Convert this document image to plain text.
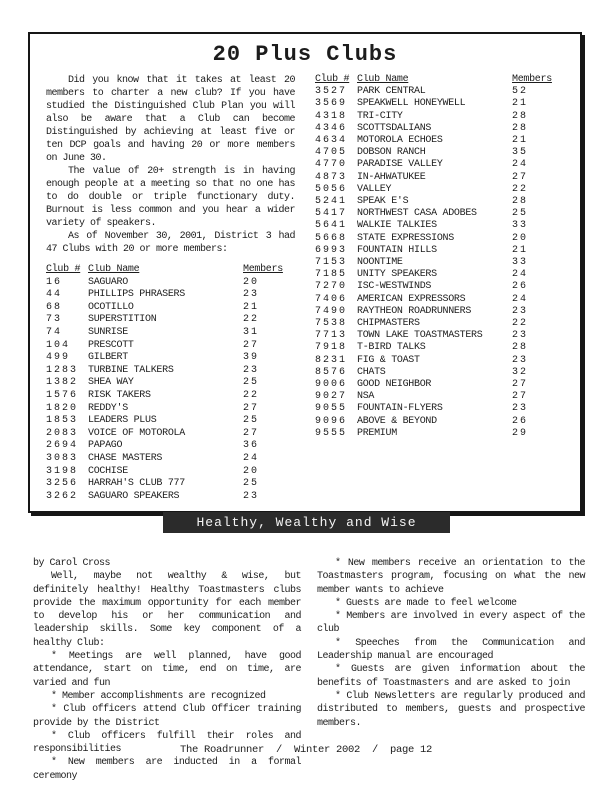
20 Plus Clubs

Did you know that it takes at least 20 members to charter a new club? If you have studied the Distinguished Club Plan you will also be aware that a Club can become Distinguished by achieving at least five or ten DCP goals and having 20 or more members on June 30.

The value of 20+ strength is in having enough people at a meeting so that no one has to do double or triple functionary duty. Burnout is less common and you hear a wider variety of speakers.

As of November 30, 2001, District 3 had 47 Clubs with 20 or more members:

Club # Club Name	Members
16	SAGUARO	20
44	PHILLIPS PHRASERS	23
68	OCOTILLO	21
73	SUPERSTITION	22
74	SUNRISE	31
104	PRESCOTT	27
499	GILBERT	39
1283 TURBINE TALKERS	23
1382 SHEA WAY	25
1576 RISK TAKERS	22
1820 REDDY'S	27
1853 LEADERS PLUS	25
2083 VOICE OF MOTOROLA	27
2694 PAPAGO	36
3083 CHASE MASTERS	24
3198 COCHISE	20
3256 HARRAH'S CLUB 777	25
3262 SAGUARO SPEAKERS	23
Club # Club Name	Members
3527 PARK CENTRAL	52
3569 SPEAKWELL HONEYWELL	21
4318 TRI-CITY	28
4346 SCOTTSDALIANS	28
4634 MOTOROLA ECHOES	21
4705 DOBSON RANCH	35
4770 PARADISE VALLEY	24
4873 IN-AHWATUKEE	27
5056 VALLEY	22
5241 SPEAK E'S	28
5417 NORTHWEST CASA ADOBES	25
5641 WALKIE TALKIES	33
5668 STATE EXPRESSIONS	20
6993 FOUNTAIN HILLS	21
7153 NOONTIME	33
7185 UNITY SPEAKERS	24
7270 ISC-WESTWINDS	26
7406 AMERICAN EXPRESSORS	24
7490 RAYTHEON ROADRUNNERS	23
7538 CHIPMASTERS	22
7713 TOWN LAKE TOASTMASTERS	23
7918 T-BIRD TALKS	28
8231 FIG & TOAST	23
8576 CHATS	32
9006 GOOD NEIGHBOR	27
9027 NSA	27
9055 FOUNTAIN-FLYERS	23
9096 ABOVE & BEYOND	26
9555 PREMIUM	29
Healthy, Wealthy and Wise

by Carol Cross

Well, maybe not wealthy & wise, but definitely healthy! Healthy Toastmasters clubs provide the maximum opportunity for each member to develop his or her communication and leadership skills. Some key component of a healthy Club:

* Meetings are well planned, have good attendance, start on time, end on time, are varied and fun

* Member accomplishments are recognized

* Club officers attend Club Officer training provide by the District

* Club officers fulfill their roles and responsibilities

* New members are inducted in a formal ceremony

* New members receive an orientation to the Toastmasters program, focusing on what the new member wants to achieve

* Guests are made to feel welcome

* Members are involved in every aspect of the club

* Speeches from the Communication and Leadership manual are encouraged

* Guests are given information about the benefits of Toastmasters and are asked to join

* Club Newsletters are regularly produced and distributed to members, guests and prospective members.

The Roadrunner  /  Winter 2002  /  page 12
